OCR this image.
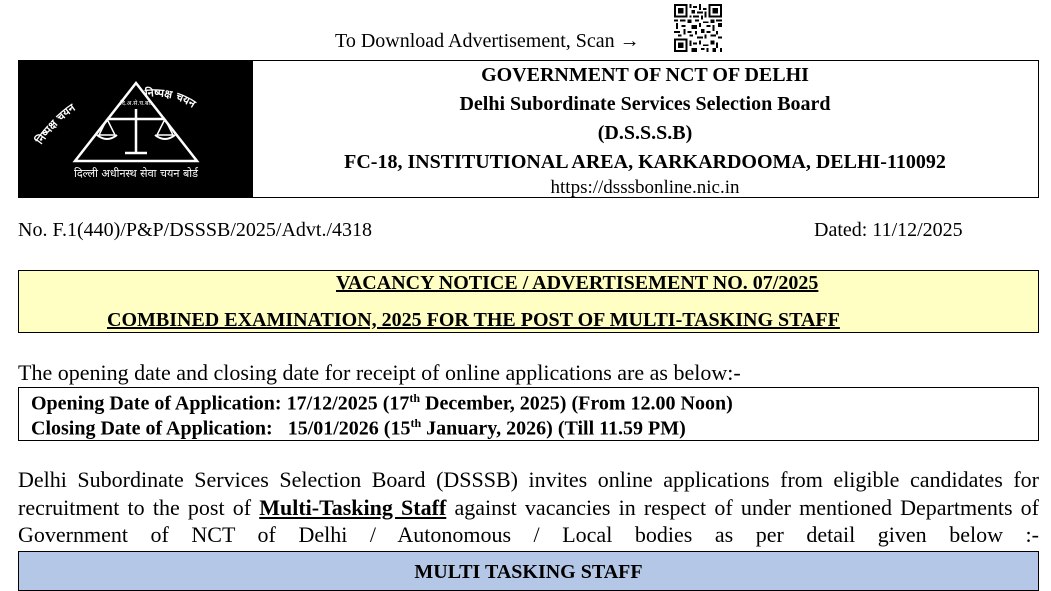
To Download Advertisement, Scan →
निष्पक्ष चयन
निष्पक्ष चयन
दि.अ.से.च.बो.
दिल्ली अधीनस्थ सेवा चयन बोर्ड
GOVERNMENT OF NCT OF DELHI
Delhi Subordinate Services Selection Board
(D.S.S.S.B)
FC-18, INSTITUTIONAL AREA, KARKARDOOMA, DELHI-110092
https://dsssbonline.nic.in
No. F.1(440)/P&P/DSSSB/2025/Advt./4318	Dated: 11/12/2025
VACANCY NOTICE / ADVERTISEMENT NO. 07/2025
COMBINED EXAMINATION, 2025 FOR THE POST OF MULTI-TASKING STAFF
The opening date and closing date for receipt of online applications are as below:-
Opening Date of Application: 17/12/2025 (17th December, 2025) (From 12.00 Noon)
Closing Date of Application:   15/01/2026 (15th January, 2026) (Till 11.59 PM)
Delhi Subordinate Services Selection Board (DSSSB) invites online applications from eligible candidates for recruitment to the post of Multi-Tasking Staff against vacancies in respect of under mentioned Departments of Government of NCT of Delhi / Autonomous / Local bodies as per detail given below :-
MULTI TASKING STAFF
